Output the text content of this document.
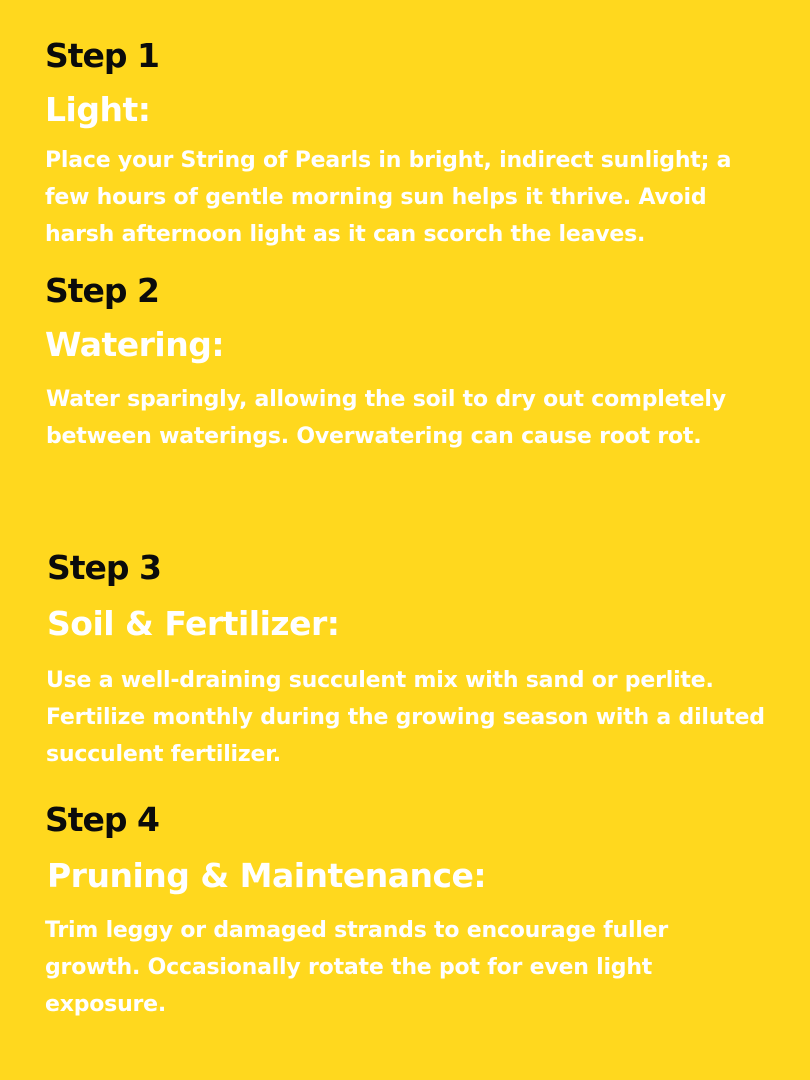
Step 1
Light:

Place your String of Pearls in bright, indirect sunlight; a few hours of gentle morning sun helps it thrive. Avoid harsh afternoon light as it can scorch the leaves.

Step 2
Watering:

Water sparingly, allowing the soil to dry out completely between waterings. Overwatering can cause root rot.

Step 3
Soil & Fertilizer:

Use a well-draining succulent mix with sand or perlite. Fertilize monthly during the growing season with a diluted succulent fertilizer.

Step 4
Pruning & Maintenance:

Trim leggy or damaged strands to encourage fuller growth. Occasionally rotate the pot for even light exposure.
